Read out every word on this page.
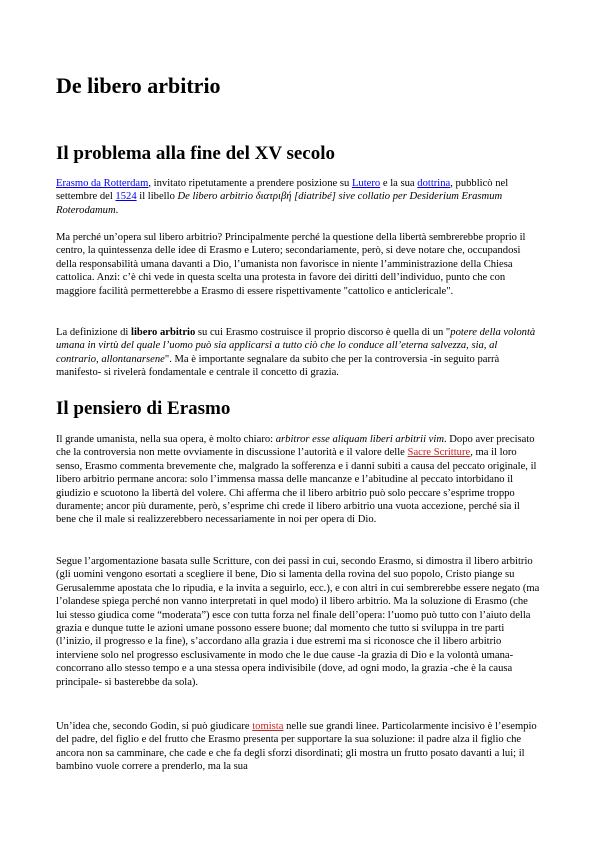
De libero arbitrio
Il problema alla fine del XV secolo

Erasmo da Rotterdam, invitato ripetutamente a prendere posizione su Lutero e la sua dottrina, pubblicò nel settembre del 1524 il libello De libero arbitrio διατριβή [diatribé] sive collatio per Desiderium Erasmum Roterodamum.

Ma perché un’opera sul libero arbitrio? Principalmente perché la questione della libertà sembrerebbe proprio il centro, la quintessenza delle idee di Erasmo e Lutero; secondariamente, però, si deve notare che, occupandosi della responsabilità umana davanti a Dio, l’umanista non favorisce in niente l’amministrazione della Chiesa cattolica. Anzi: c’è chi vede in questa scelta una protesta in favore dei diritti dell’individuo, punto che con maggiore facilità permetterebbe a Erasmo di essere rispettivamente "cattolico e anticlericale".

La definizione di libero arbitrio su cui Erasmo costruisce il proprio discorso è quella di un "potere della volontà umana in virtù del quale l’uomo può sia applicarsi a tutto ciò che lo conduce all’eterna salvezza, sia, al contrario, allontanarsene". Ma è importante segnalare da subito che per la controversia -in seguito parrà manifesto- si rivelerà fondamentale e centrale il concetto di grazia.

Il pensiero di Erasmo

Il grande umanista, nella sua opera, è molto chiaro: arbitror esse aliquam liberi arbitrii vim. Dopo aver precisato che la controversia non mette ovviamente in discussione l’autorità e il valore delle Sacre Scritture, ma il loro senso, Erasmo commenta brevemente che, malgrado la sofferenza e i danni subiti a causa del peccato originale, il libero arbitrio permane ancora: solo l’immensa massa delle mancanze e l’abitudine al peccato intorbidano il giudizio e scuotono la libertà del volere. Chi afferma che il libero arbitrio può solo peccare s’esprime troppo duramente; ancor più duramente, però, s’esprime chi crede il libero arbitrio una vuota accezione, perché sia il bene che il male si realizzerebbero necessariamente in noi per opera di Dio.

Segue l’argomentazione basata sulle Scritture, con dei passi in cui, secondo Erasmo, si dimostra il libero arbitrio (gli uomini vengono esortati a scegliere il bene, Dio si lamenta della rovina del suo popolo, Cristo piange su Gerusalemme apostata che lo ripudia, e la invita a seguirlo, ecc.), e con altri in cui sembrerebbe essere negato (ma l’olandese spiega perché non vanno interpretati in quel modo) il libero arbitrio. Ma la soluzione di Erasmo (che lui stesso giudica come “moderata”) esce con tutta forza nel finale dell’opera: l’uomo può tutto con l’aiuto della grazia e dunque tutte le azioni umane possono essere buone; dal momento che tutto si sviluppa in tre parti (l’inizio, il progresso e la fine), s’accordano alla grazia i due estremi ma si riconosce che il libero arbitrio interviene solo nel progresso esclusivamente in modo che le due cause -la grazia di Dio e la volontà umana- concorrano allo stesso tempo e a una stessa opera indivisibile (dove, ad ogni modo, la grazia -che è la causa principale- si basterebbe da sola).

Un’idea che, secondo Godin, si può giudicare tomista nelle sue grandi linee. Particolarmente incisivo è l’esempio del padre, del figlio e del frutto che Erasmo presenta per supportare la sua soluzione: il padre alza il figlio che ancora non sa camminare, che cade e che fa degli sforzi disordinati; gli mostra un frutto posato davanti a lui; il bambino vuole correre a prenderlo, ma la sua
